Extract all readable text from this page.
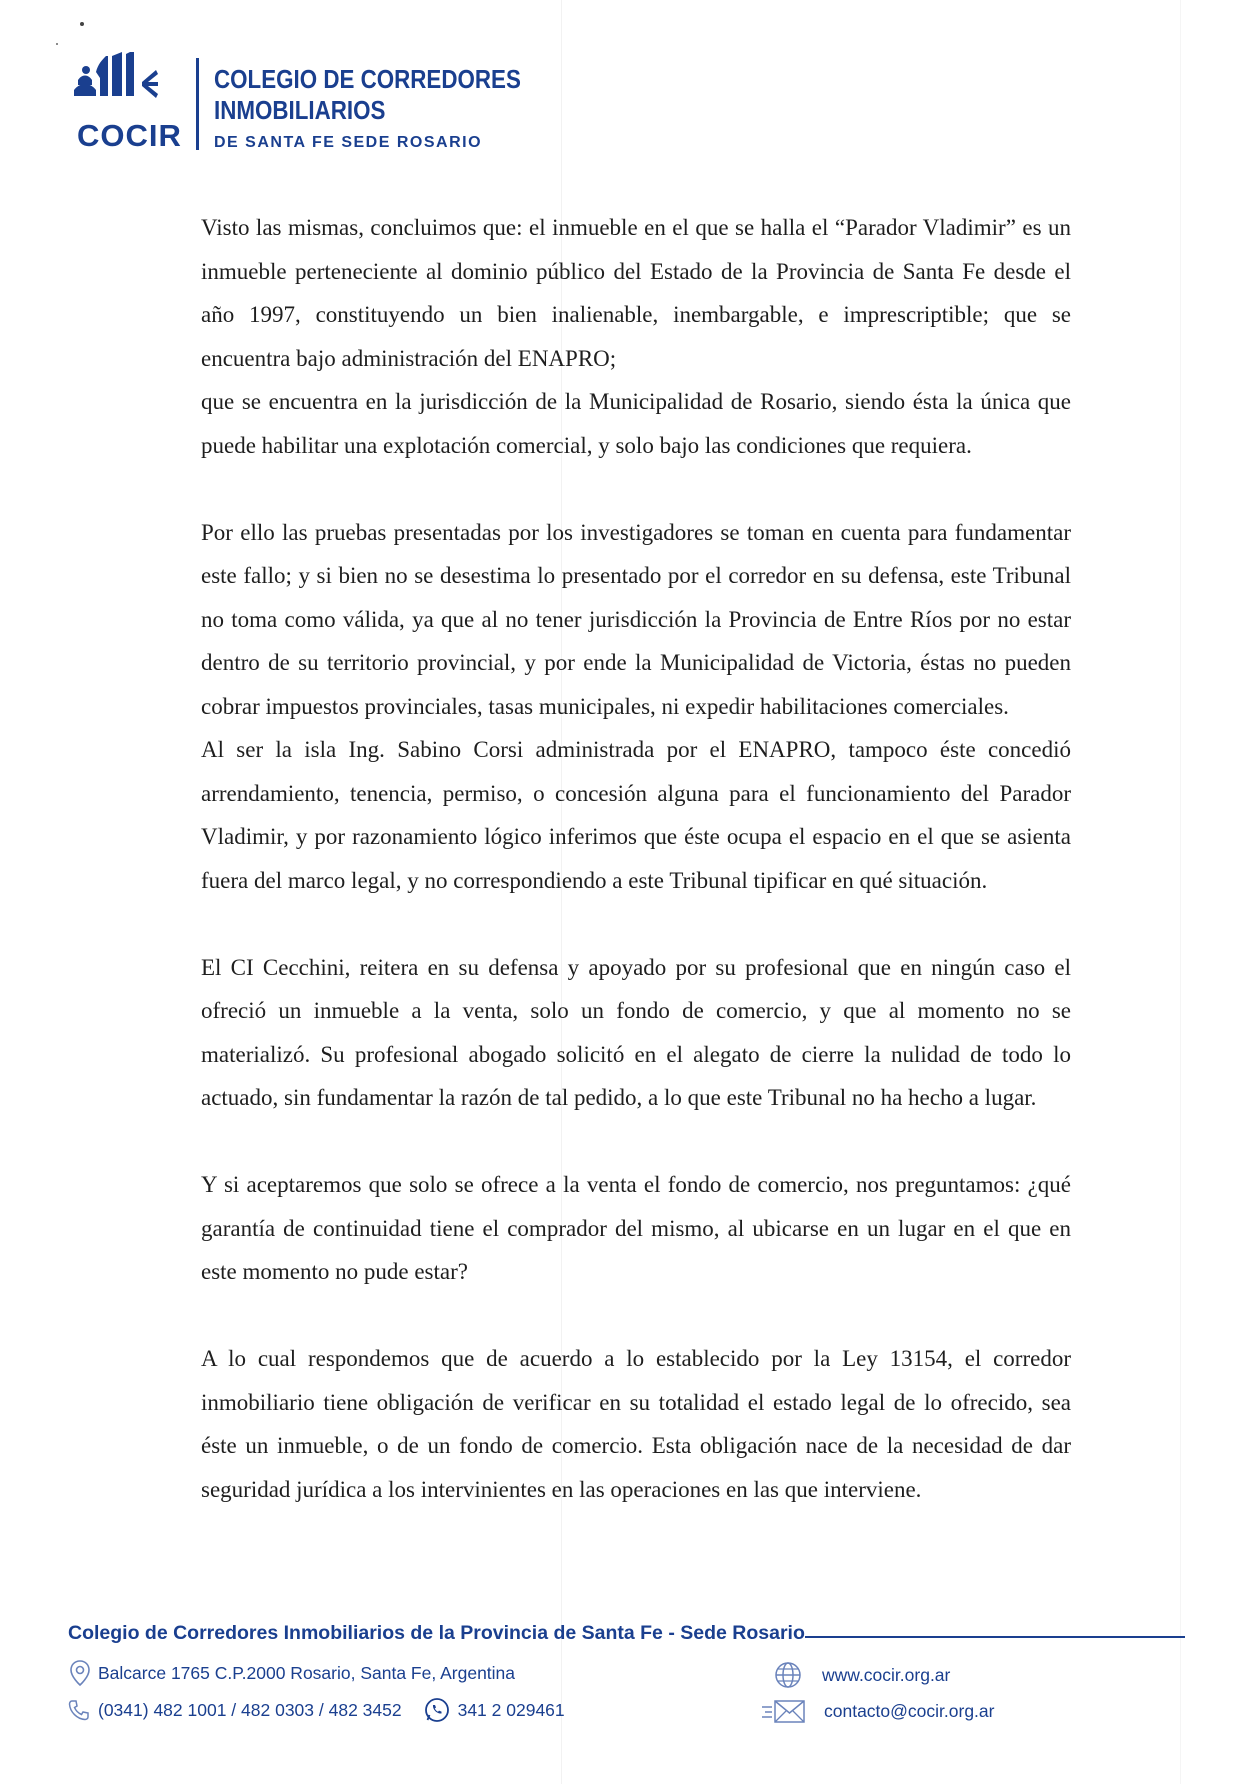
COCIR
COLEGIO DE CORREDORES
INMOBILIARIOS
DE SANTA FE SEDE ROSARIO

Visto las mismas, concluimos que: el inmueble en el que se halla el “Parador Vladimir” es un inmueble perteneciente al dominio público del Estado de la Provincia de Santa Fe desde el año 1997, constituyendo un bien inalienable, inembargable, e imprescriptible; que se encuentra bajo administración del ENAPRO;

que se encuentra en la jurisdicción de la Municipalidad de Rosario, siendo ésta la única que puede habilitar una explotación comercial, y solo bajo las condiciones que requiera.

Por ello las pruebas presentadas por los investigadores se toman en cuenta para fundamentar este fallo; y si bien no se desestima lo presentado por el corredor en su defensa, este Tribunal no toma como válida, ya que al no tener jurisdicción la Provincia de Entre Ríos por no estar dentro de su territorio provincial, y por ende la Municipalidad de Victoria, éstas no pueden cobrar impuestos provinciales, tasas municipales, ni expedir habilitaciones comerciales.

Al ser la isla Ing. Sabino Corsi administrada por el ENAPRO, tampoco éste concedió arrendamiento, tenencia, permiso, o concesión alguna para el funcionamiento del Parador Vladimir, y por razonamiento lógico inferimos que éste ocupa el espacio en el que se asienta fuera del marco legal, y no correspondiendo a este Tribunal tipificar en qué situación.

El CI Cecchini, reitera en su defensa y apoyado por su profesional que en ningún caso el ofreció un inmueble a la venta, solo un fondo de comercio, y que al momento no se materializó. Su profesional abogado solicitó en el alegato de cierre la nulidad de todo lo actuado, sin fundamentar la razón de tal pedido, a lo que este Tribunal no ha hecho a lugar.

Y si aceptaremos que solo se ofrece a la venta el fondo de comercio, nos preguntamos: ¿qué garantía de continuidad tiene el comprador del mismo, al ubicarse en un lugar en el que en este momento no pude estar?

A lo cual respondemos que de acuerdo a lo establecido por la Ley 13154, el corredor inmobiliario tiene obligación de verificar en su totalidad el estado legal de lo ofrecido, sea éste un inmueble, o de un fondo de comercio. Esta obligación nace de la necesidad de dar seguridad jurídica a los intervinientes en las operaciones en las que interviene.

Colegio de Corredores Inmobiliarios de la Provincia de Santa Fe - Sede Rosario
Balcarce 1765 C.P.2000 Rosario, Santa Fe, Argentina
(0341) 482 1001 / 482 0303 / 482 3452	341 2 029461
www.cocir.org.ar
contacto@cocir.org.ar
